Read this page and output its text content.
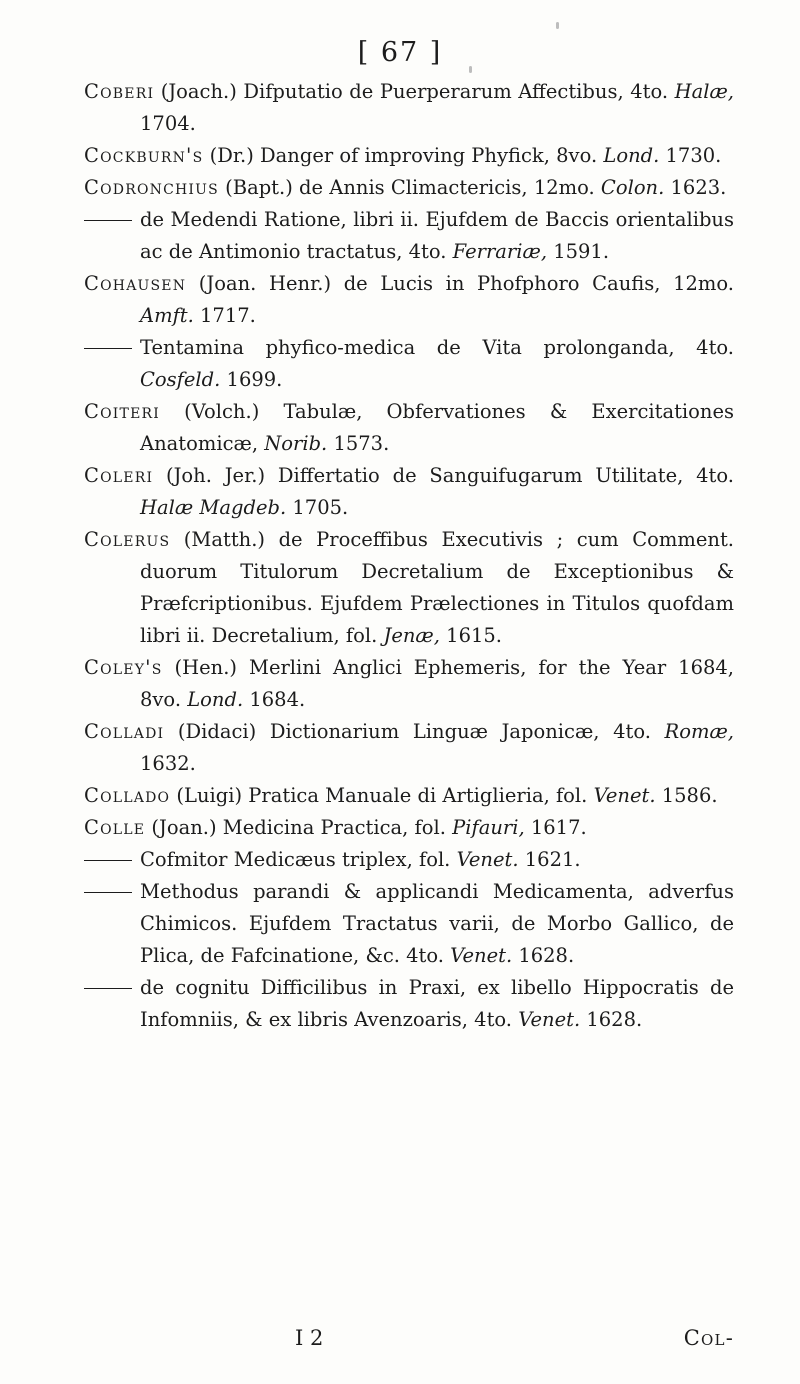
[ 67 ]

Coberi (Joach.) Difputatio de Puerperarum Affectibus, 4to. Halæ, 1704.

Cockburn's (Dr.) Danger of improving Phyfick, 8vo. Lond. 1730.

Codronchius (Bapt.) de Annis Climactericis, 12mo. Colon. 1623.

de Medendi Ratione, libri ii. Ejufdem de Baccis orientalibus ac de Antimonio tractatus, 4to. Ferrariæ, 1591.

Cohausen (Joan. Henr.) de Lucis in Phofphoro Caufis, 12mo. Amft. 1717.

Tentamina phyfico-medica de Vita prolonganda, 4to. Cosfeld. 1699.

Coiteri (Volch.) Tabulæ, Obfervationes & Exercitationes Anatomicæ, Norib. 1573.

Coleri (Joh. Jer.) Differtatio de Sanguifugarum Utilitate, 4to. Halæ Magdeb. 1705.

Colerus (Matth.) de Proceffibus Executivis ; cum Comment. duorum Titulorum Decretalium de Exceptionibus & Præfcriptionibus. Ejufdem Prælectiones in Titulos quofdam libri ii. Decretalium, fol. Jenæ, 1615.

Coley's (Hen.) Merlini Anglici Ephemeris, for the Year 1684, 8vo. Lond. 1684.

Colladi (Didaci) Dictionarium Linguæ Japonicæ, 4to. Romæ, 1632.

Collado (Luigi) Pratica Manuale di Artiglieria, fol. Venet. 1586.

Colle (Joan.) Medicina Practica, fol. Pifauri, 1617.

Cofmitor Medicæus triplex, fol. Venet. 1621.

Methodus parandi & applicandi Medicamenta, adverfus Chimicos. Ejufdem Tractatus varii, de Morbo Gallico, de Plica, de Fafcinatione, &c. 4to. Venet. 1628.

de cognitu Difficilibus in Praxi, ex libello Hippocratis de Infomniis, & ex libris Avenzoaris, 4to. Venet. 1628.

I 2	Col-
